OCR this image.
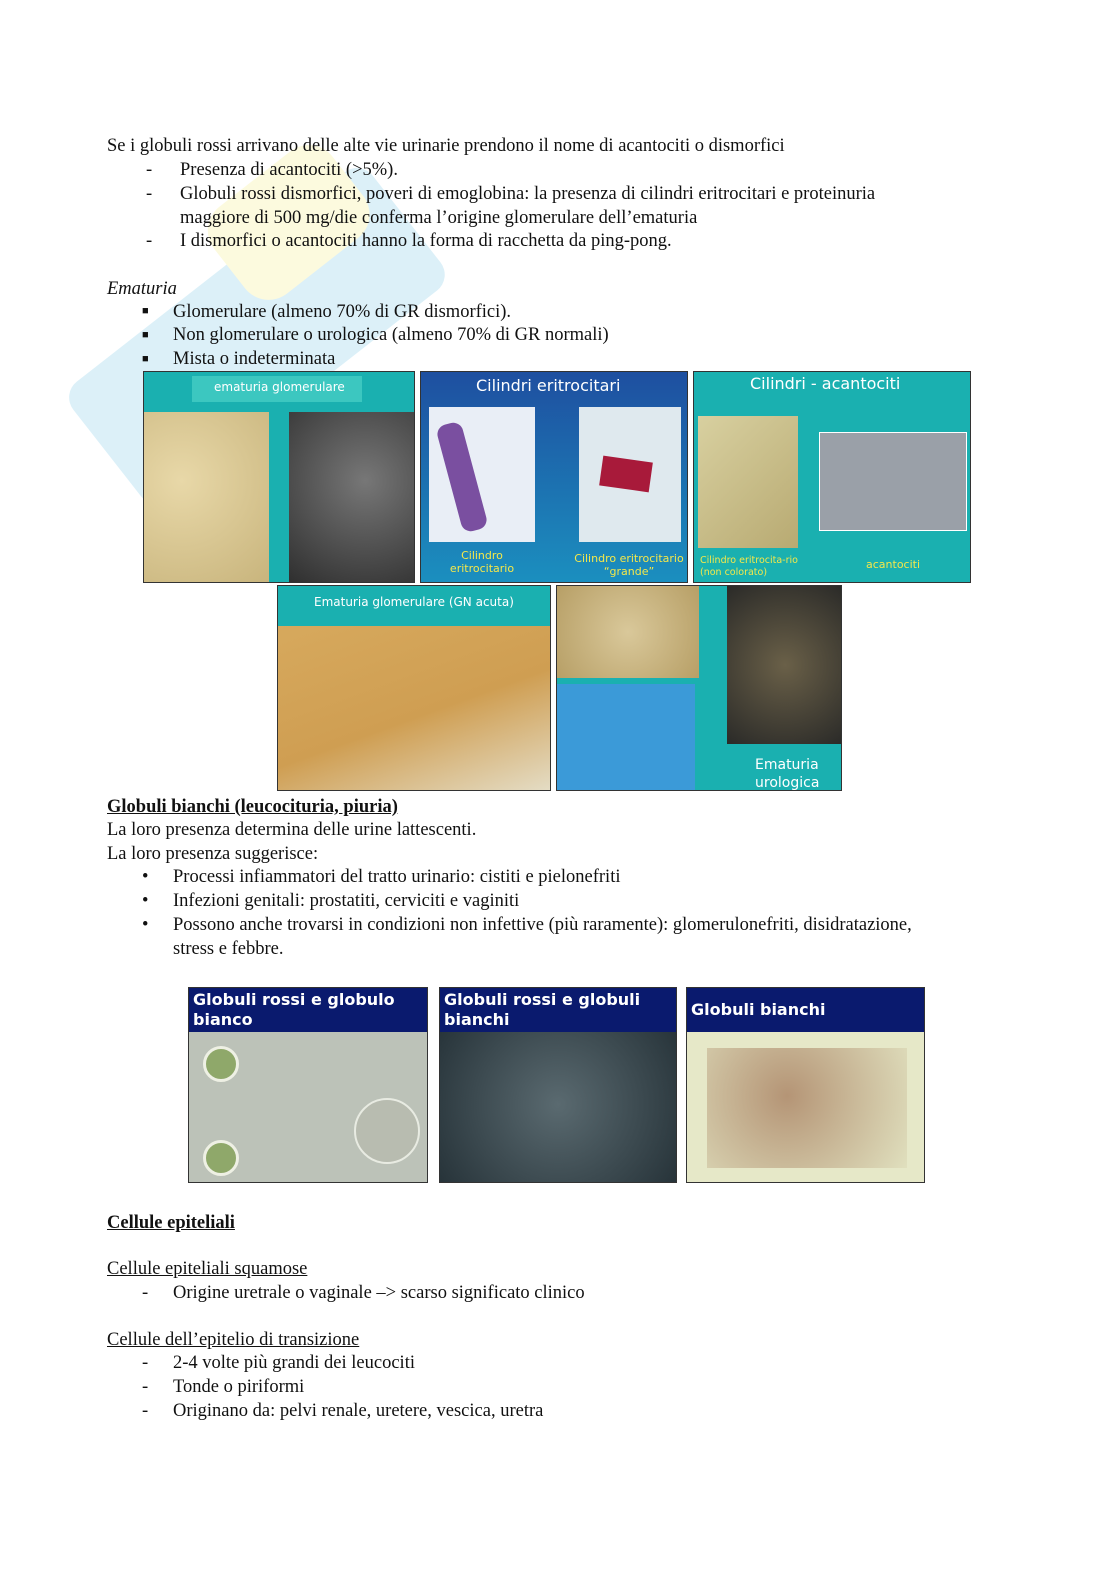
Se i globuli rossi arrivano delle alte vie urinarie prendono il nome di acantociti o dismorfici
- Presenza di acantociti (>5%).
- Globuli rossi dismorfici, poveri di emoglobina: la presenza di cilindri eritrocitari e proteinuria
maggiore di 500 mg/die conferma l’origine glomerulare dell’ematuria
- I dismorfici o acantociti hanno la forma di racchetta da ping-pong.
Ematuria
■ Glomerulare (almeno 70% di GR dismorfici).
■ Non glomerulare o urologica (almeno 70% di GR normali)
■ Mista o indeterminata
ematuria glomerulare	Cilindri eritrocitari
Cilindro eritrocitario
Cilindro eritrocitario “grande”
Cilindri - acantociti
Cilindro eritrocita-rio (non colorato)
acantociti
Ematuria glomerulare (GN acuta)
Ematuria urologica
Globuli bianchi (leucocituria, piuria)
La loro presenza determina delle urine lattescenti.
La loro presenza suggerisce:
• Processi infiammatori del tratto urinario: cistiti e pielonefriti
• Infezioni genitali: prostatiti, cerviciti e vaginiti
• Possono anche trovarsi in condizioni non infettive (più raramente): glomerulonefriti, disidratazione,
stress e febbre.
Globuli rossi e globulo bianco
Globuli rossi e globuli bianchi
Globuli bianchi
Cellule epiteliali
Cellule epiteliali squamose
- Origine uretrale o vaginale –> scarso significato clinico
Cellule dell’epitelio di transizione
- 2-4 volte più grandi dei leucociti
- Tonde o piriformi
- Originano da: pelvi renale, uretere, vescica, uretra
